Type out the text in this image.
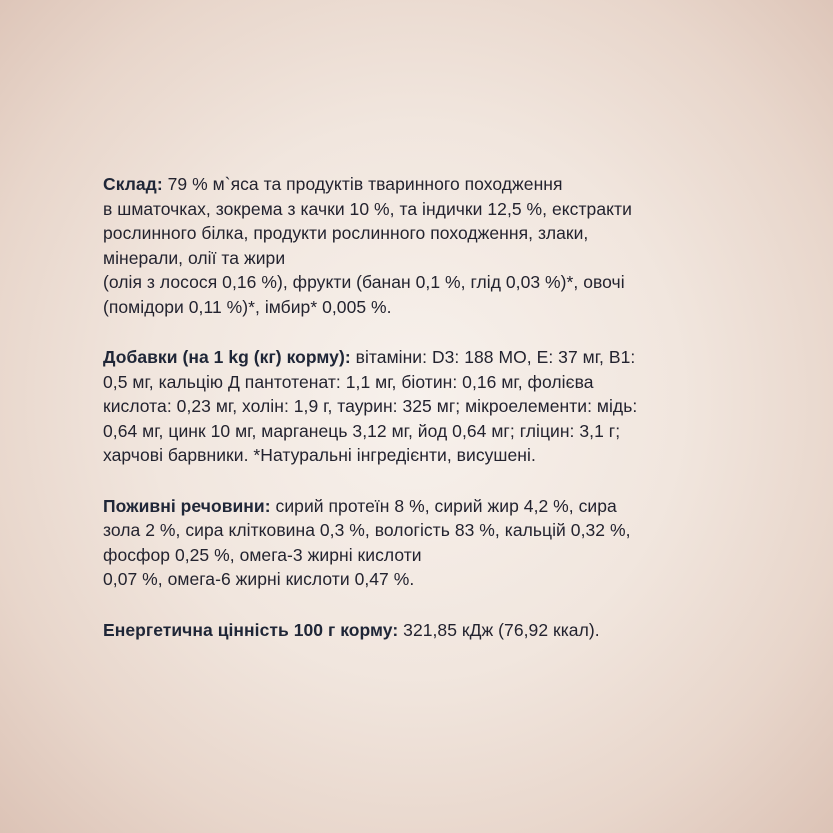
Склад: 79 % м`яса та продуктів тваринного походження
в шматочках, зокрема з качки 10 %, та індички 12,5 %, екстракти
рослинного білка, продукти рослинного походження, злаки,
мінерали, олії та жири
(олія з лосося 0,16 %), фрукти (банан 0,1 %, глід 0,03 %)*, овочі
(помідори 0,11 %)*, імбир* 0,005 %.
Добавки (на 1 kg (кг) корму): вітаміни: D3: 188 МО, E: 37 мг, B1:
0,5 мг, кальцію Д пантотенат: 1,1 мг, біотин: 0,16 мг, фолієва
кислота: 0,23 мг, холін: 1,9 г, таурин: 325 мг; мікроелементи: мідь:
0,64 мг, цинк 10 мг, марганець 3,12 мг, йод 0,64 мг; гліцин: 3,1 г;
харчові барвники. *Натуральні інгредієнти, висушені.
Поживні речовини: сирий протеїн 8 %, сирий жир 4,2 %, сира
зола 2 %, сира клітковина 0,3 %, вологість 83 %, кальцій 0,32 %,
фосфор 0,25 %, омега-3 жирні кислоти
0,07 %, омега-6 жирні кислоти 0,47 %.
Енергетична цінність 100 г корму: 321,85 кДж (76,92 ккал).
